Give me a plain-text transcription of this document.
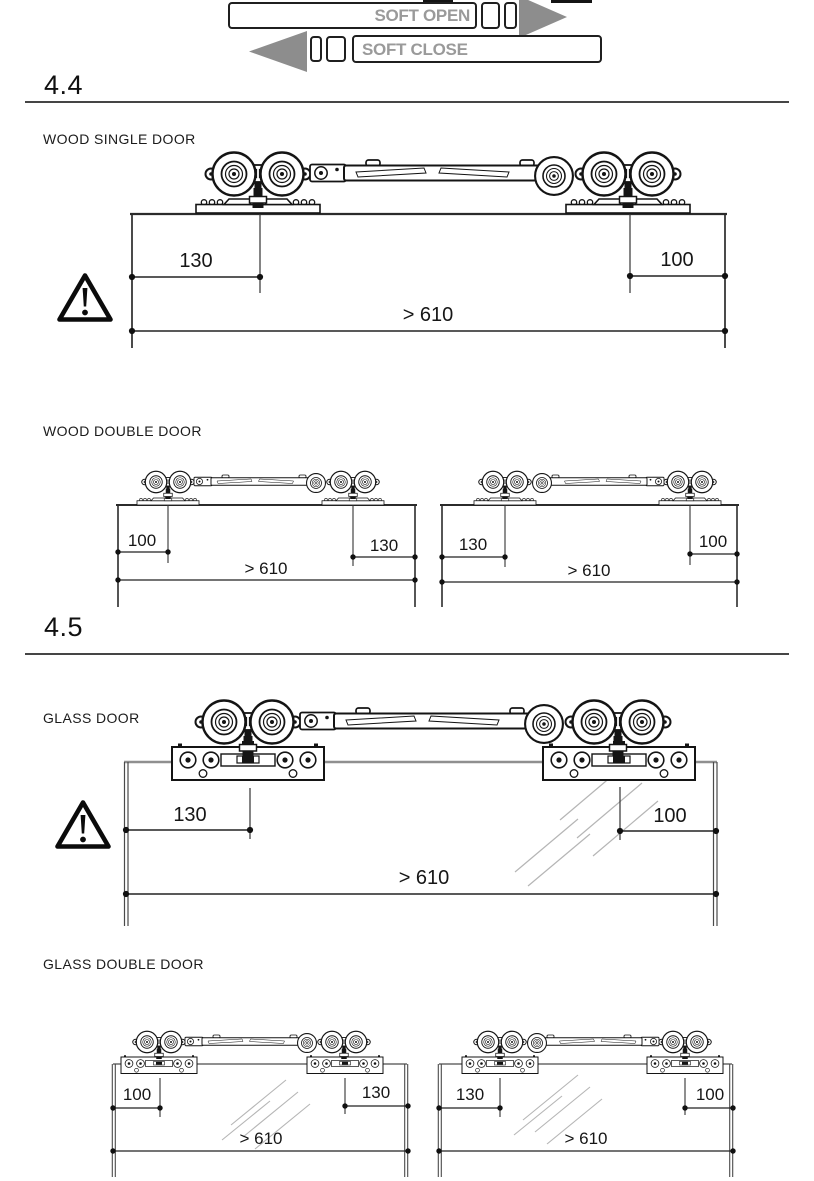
SOFT OPEN
SOFT CLOSE
4.4
WOOD SINGLE DOOR
130	100
> 610
WOOD DOUBLE DOOR
100	130
> 610
130	100
> 610
4.5
GLASS DOOR
130	100
> 610
GLASS DOUBLE DOOR
100	130
> 610
130	100
> 610
